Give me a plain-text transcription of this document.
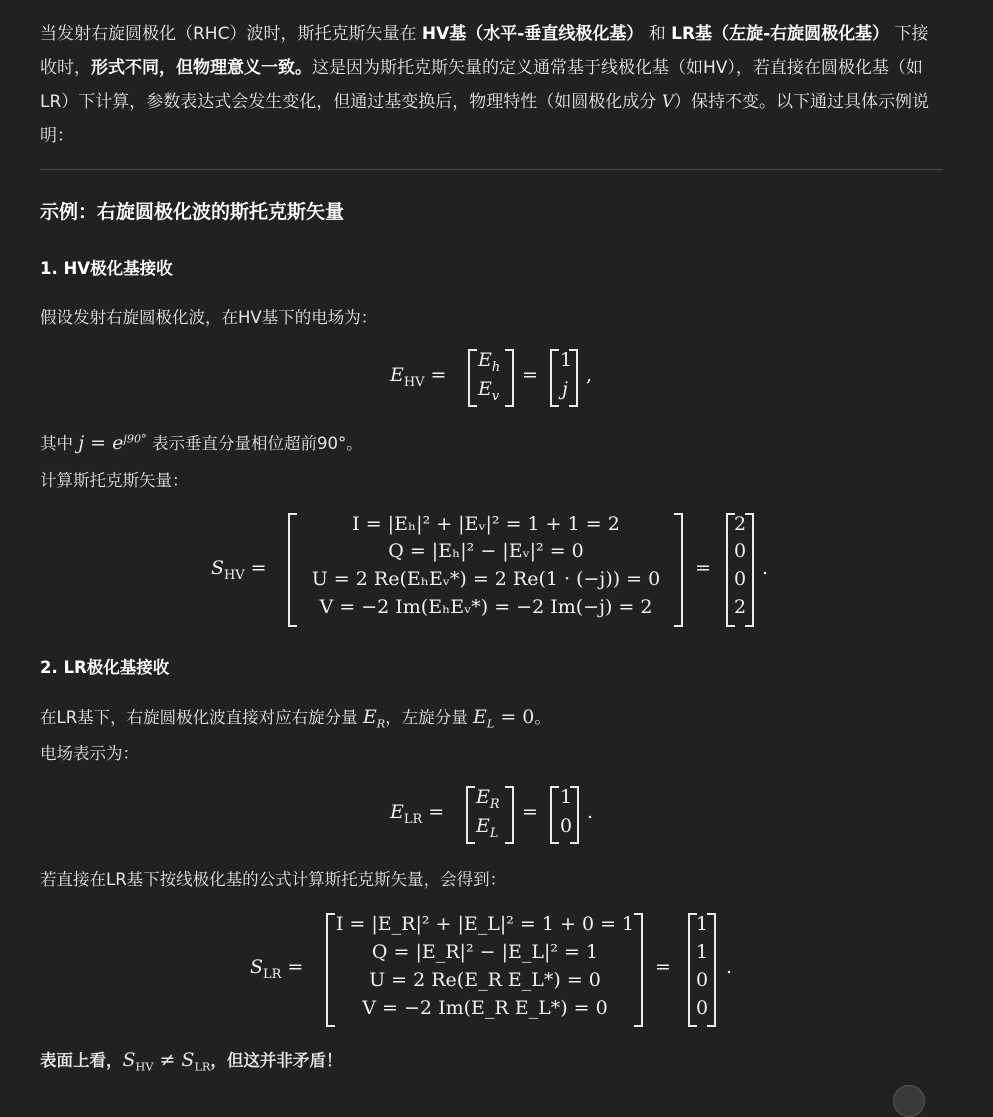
当发射右旋圆极化（RHC）波时，斯托克斯矢量在 HV基（水平-垂直线极化基） 和 LR基（左旋-右旋圆极化基） 下接收时，形式不同，但物理意义一致。这是因为斯托克斯矢量的定义通常基于线极化基（如HV），若直接在圆极化基（如LR）下计算，参数表达式会发生变化，但通过基变换后，物理特性（如圆极化成分 V）保持不变。以下通过具体示例说明：
示例：右旋圆极化波的斯托克斯矢量
1. HV极化基接收
假设发射右旋圆极化波，在HV基下的电场为：
$E_{HV}$ =
$E_h$
$E_v$
=
1
j
,
其中 $j = e^{j90^\circ}$ 表示垂直分量相位超前90°。
计算斯托克斯矢量：
$S_{HV}$ =
I = |Eₕ|² + |Eᵥ|² = 1 + 1 = 2
Q = |Eₕ|² − |Eᵥ|² = 0
U = 2 Re(EₕEᵥ*) = 2 Re(1 · (−j)) = 0
V = −2 Im(EₕEᵥ*) = −2 Im(−j) = 2
=
2
0
0
2
.
2. LR极化基接收
在LR基下，右旋圆极化波直接对应右旋分量 $E_R$，左旋分量 $E_L = 0$。
电场表示为：
$E_{LR}$ =
$E_R$
$E_L$
=
1
0
.
若直接在LR基下按线极化基的公式计算斯托克斯矢量，会得到：
$S_{LR}$ =
I = |E_R|² + |E_L|² = 1 + 0 = 1
Q = |E_R|² − |E_L|² = 1
U = 2 Re(E_R E_L*) = 0
V = −2 Im(E_R E_L*) = 0
=
1
1
0
0
.
表面上看，$S_{HV} \ne S_{LR}$，但这并非矛盾！
